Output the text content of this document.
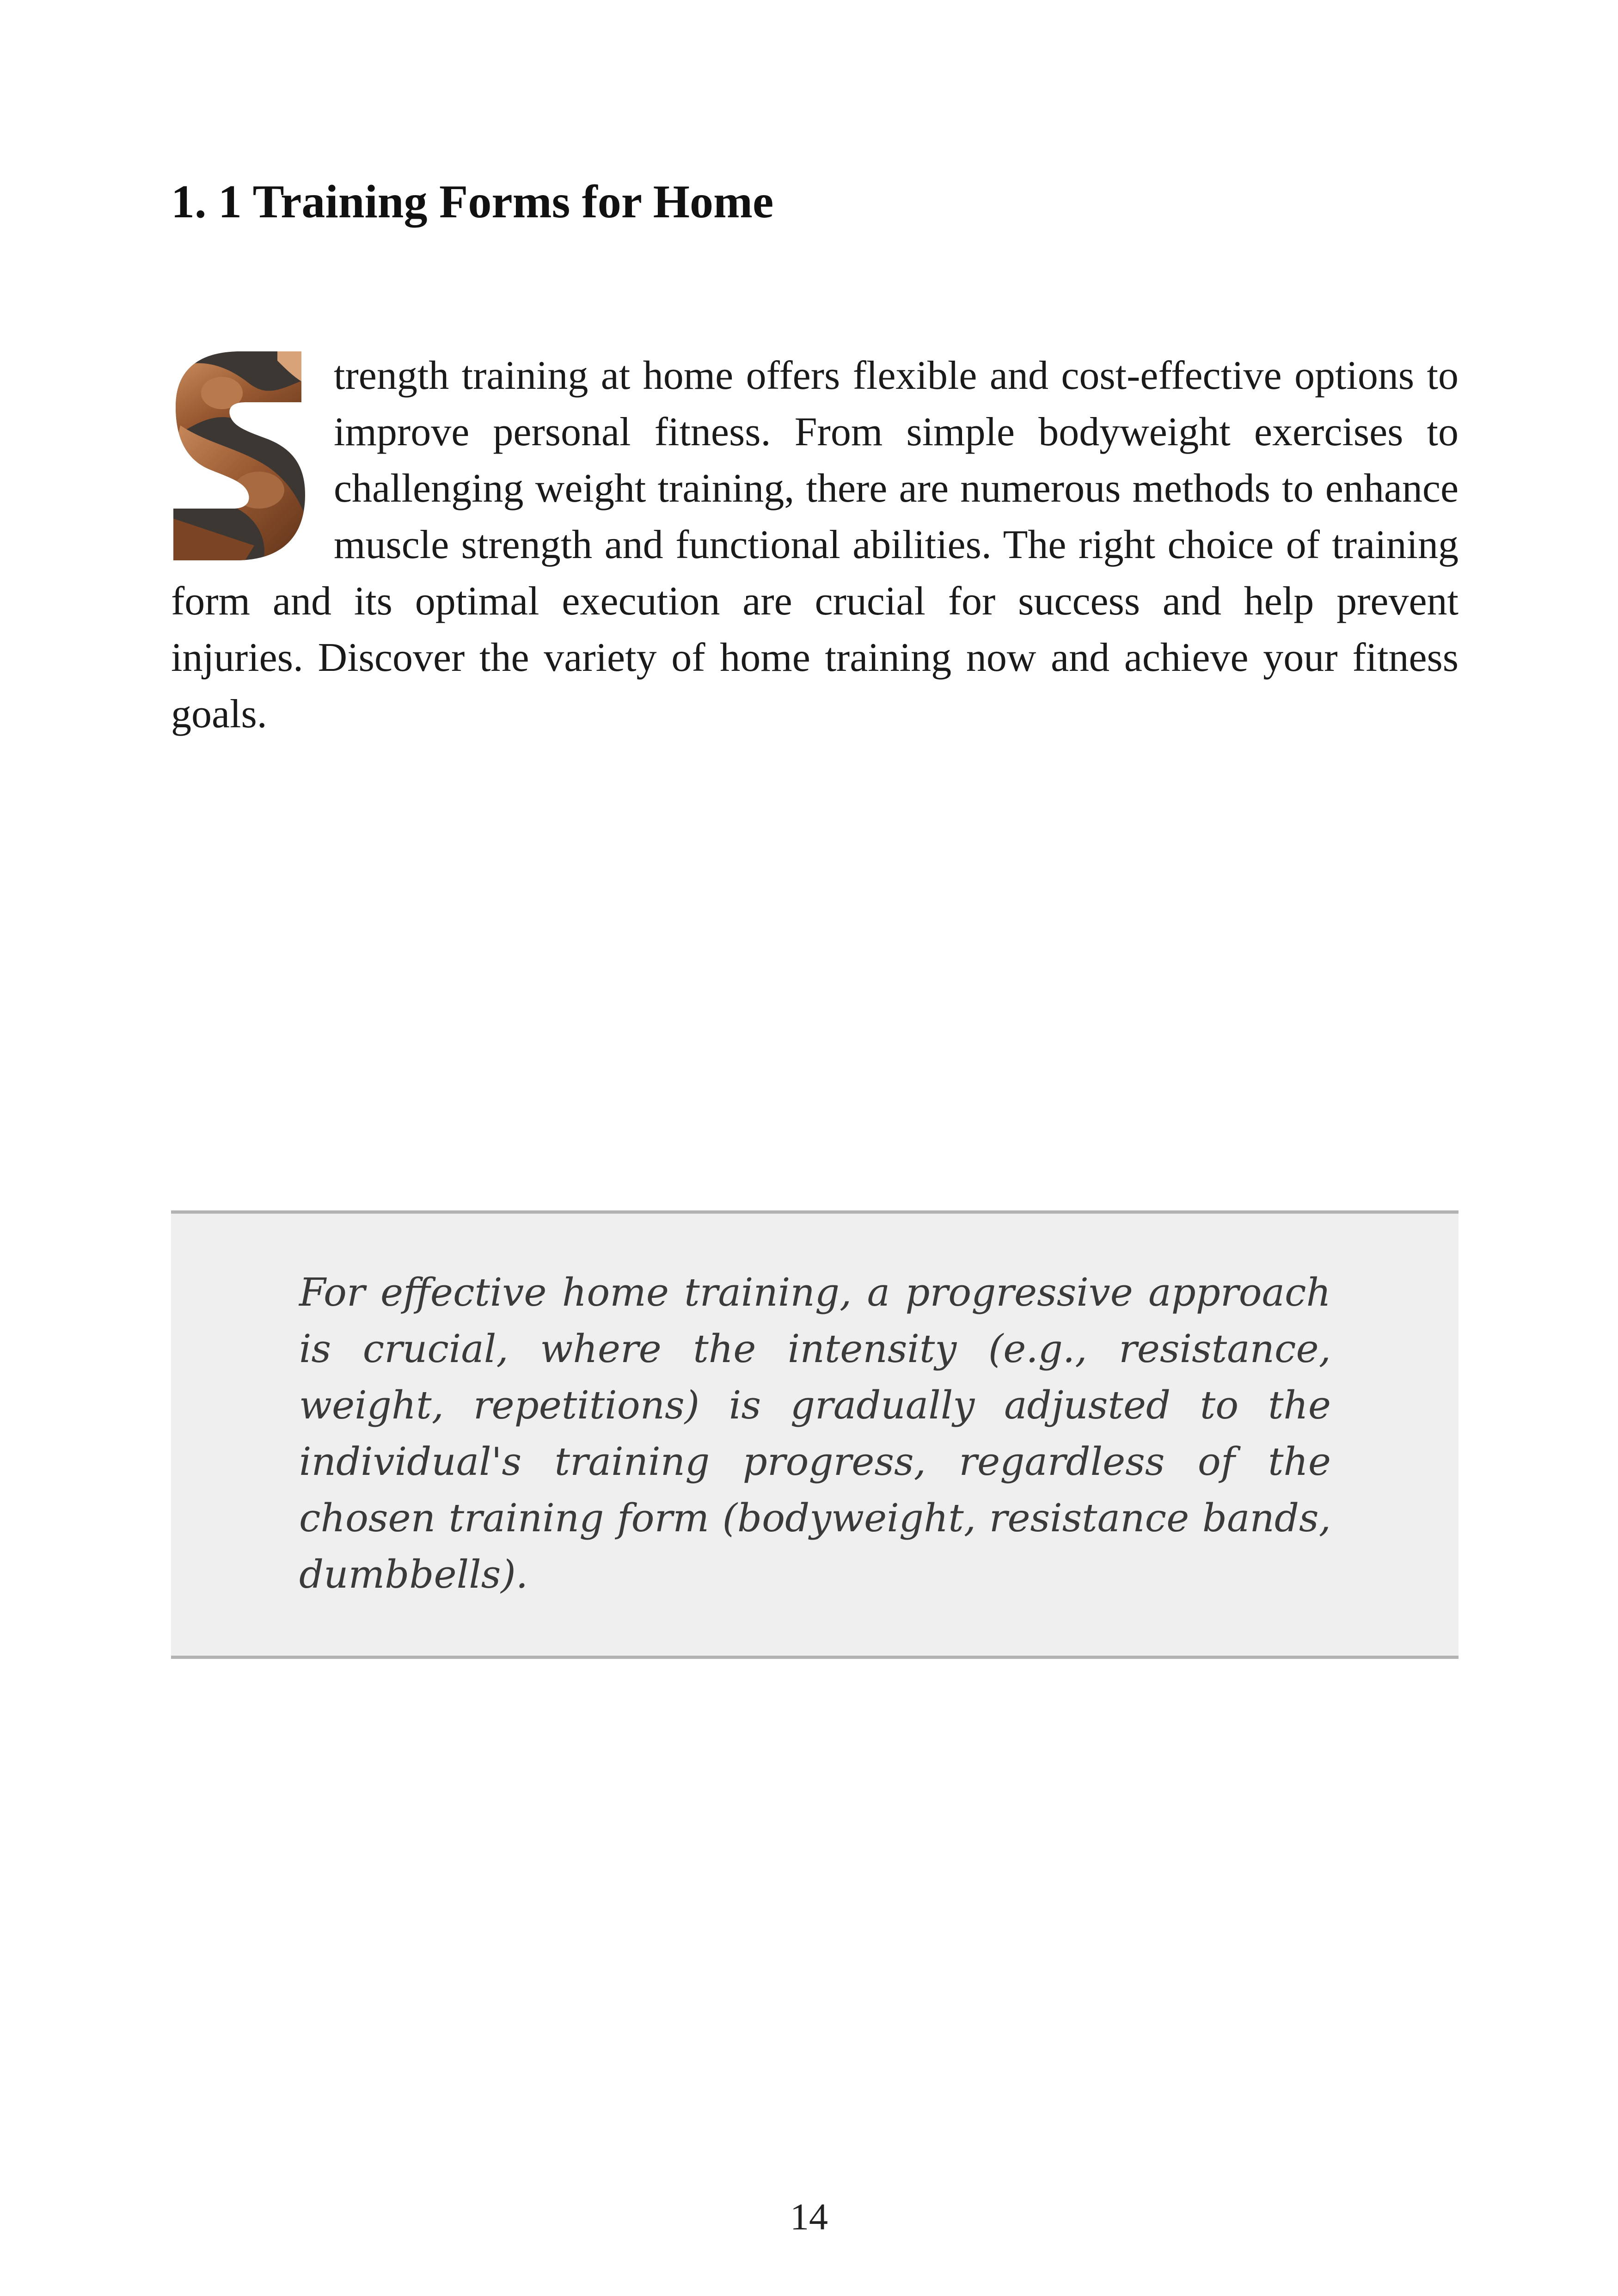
1. 1 Training Forms for Home
trength training at home offers flexible and cost-effective options to improve personal fitness. From simple bodyweight exercises to challenging weight training, there are numerous methods to enhance muscle strength and functional abilities. The right choice of training form and its optimal execution are crucial for success and help prevent injuries. Discover the variety of home training now and achieve your fitness goals.

For effective home training, a progressive approach is crucial, where the intensity (e.g., resistance, weight, repetitions) is gradually adjusted to the individual's training progress, regardless of the chosen training form (bodyweight, resistance bands, dumbbells).

14
